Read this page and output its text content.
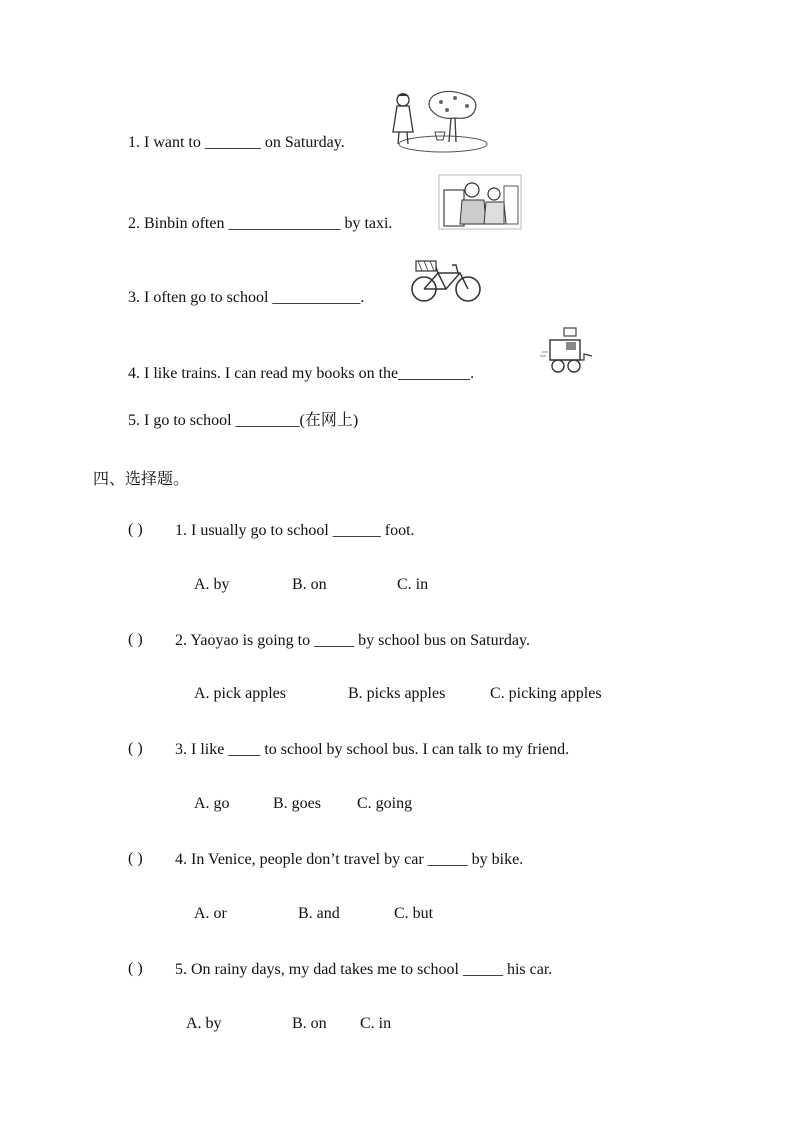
1. I want to _______ on Saturday.
2. Binbin often ______________ by taxi.
3. I often go to school ___________.
4. I like trains. I can read my books on the_________.
5. I go to school ________(在网上)
四、选择题。
( ) 1. I usually go to school ______ foot.
A. by	B. on	C. in
( ) 2. Yaoyao is going to _____ by school bus on Saturday.
A. pick apples	B. picks apples	C. picking apples
( ) 3. I like ____ to school by school bus. I can talk to my friend.
A. go	B. goes C. going
( ) 4. In Venice, people don’t travel by car _____ by bike.
A. or	B. and	C. but
( ) 5. On rainy days, my dad takes me to school _____ his car.
A. by	B. on C. in
